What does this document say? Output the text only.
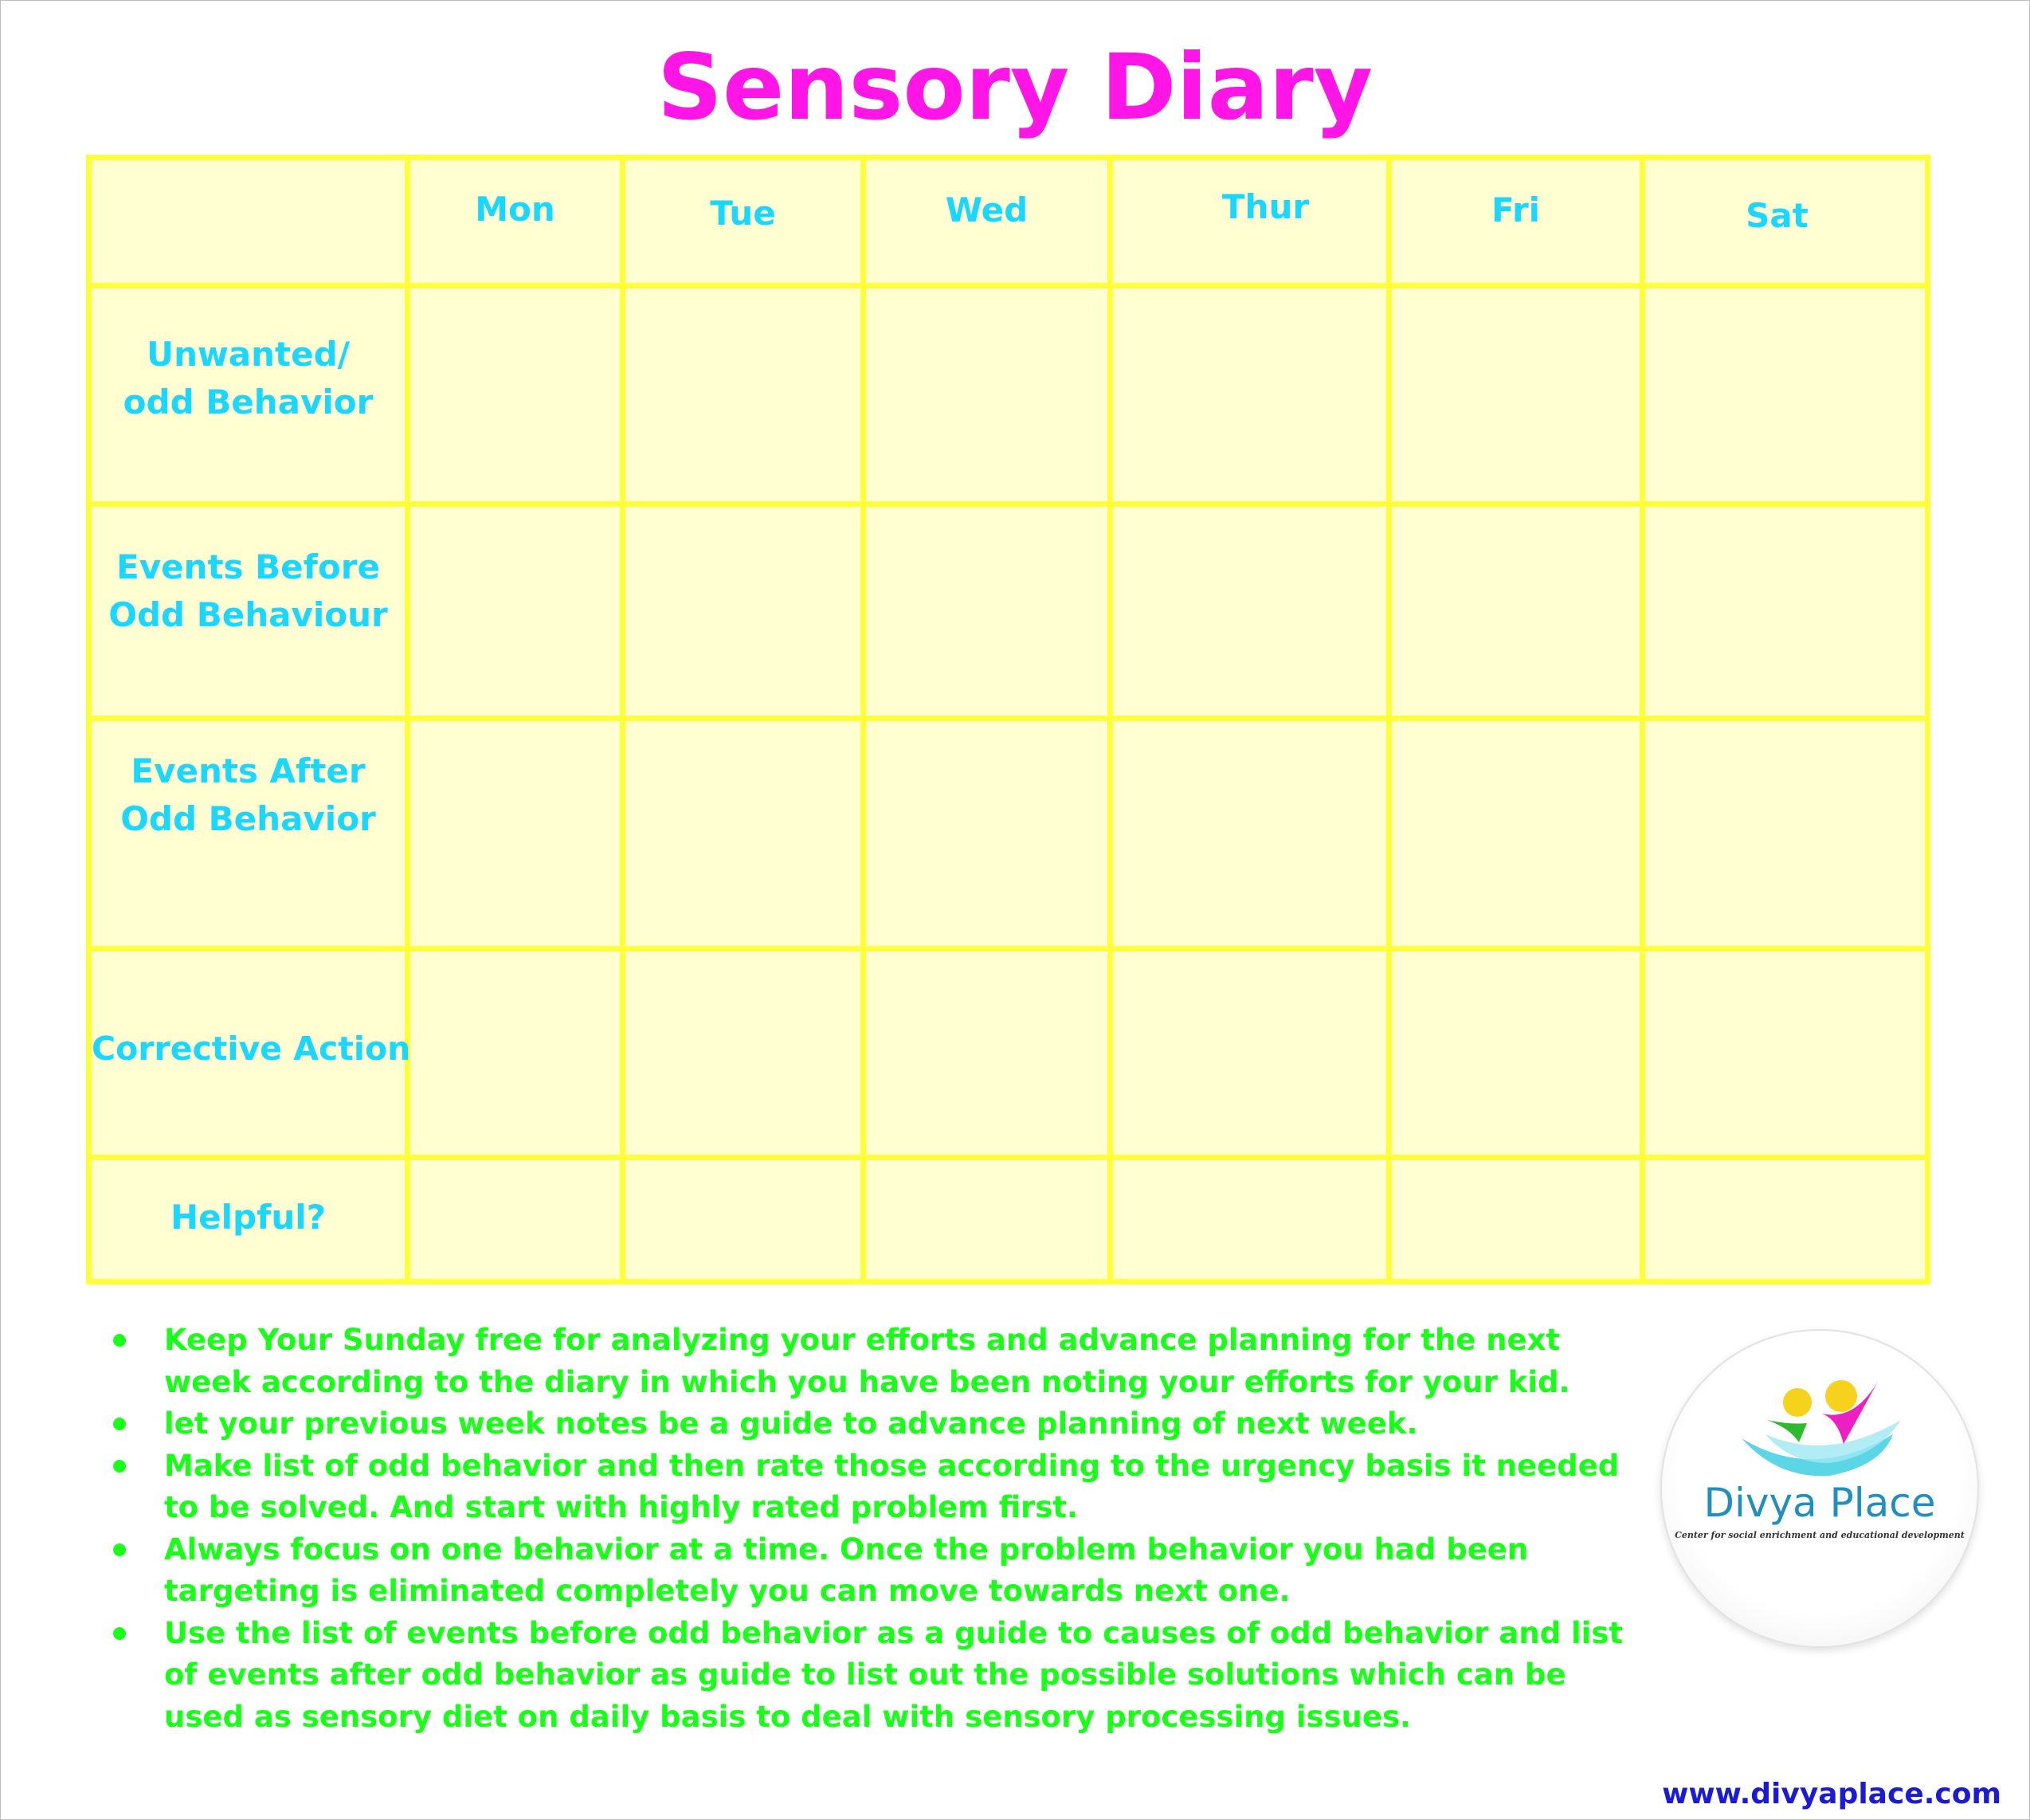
Sensory Diary
	Mon	Tue	Wed	Thur	Fri	Sat

Unwanted/
odd Behavior						

Events Before
Odd Behaviour						

Events After
Odd Behavior						

Corrective Action						

Helpful?						

Keep Your Sunday free for analyzing your efforts and advance planning for the next week according to the diary in which you have been noting your efforts for your kid.
let your previous week notes be a guide to advance planning of next week.
Make list of odd behavior and then rate those according to the urgency basis it needed to be solved. And start with highly rated problem first.
Always focus on one behavior at a time. Once the problem behavior you had been targeting is eliminated completely you can move towards next one.
Use the list of events before odd behavior as a guide to causes of odd behavior and list of events after odd behavior as guide to list out the possible solutions which can be used as sensory diet on daily basis to deal with sensory processing issues.
Divya Place
Center for social enrichment and educational development
www.divyaplace.com
